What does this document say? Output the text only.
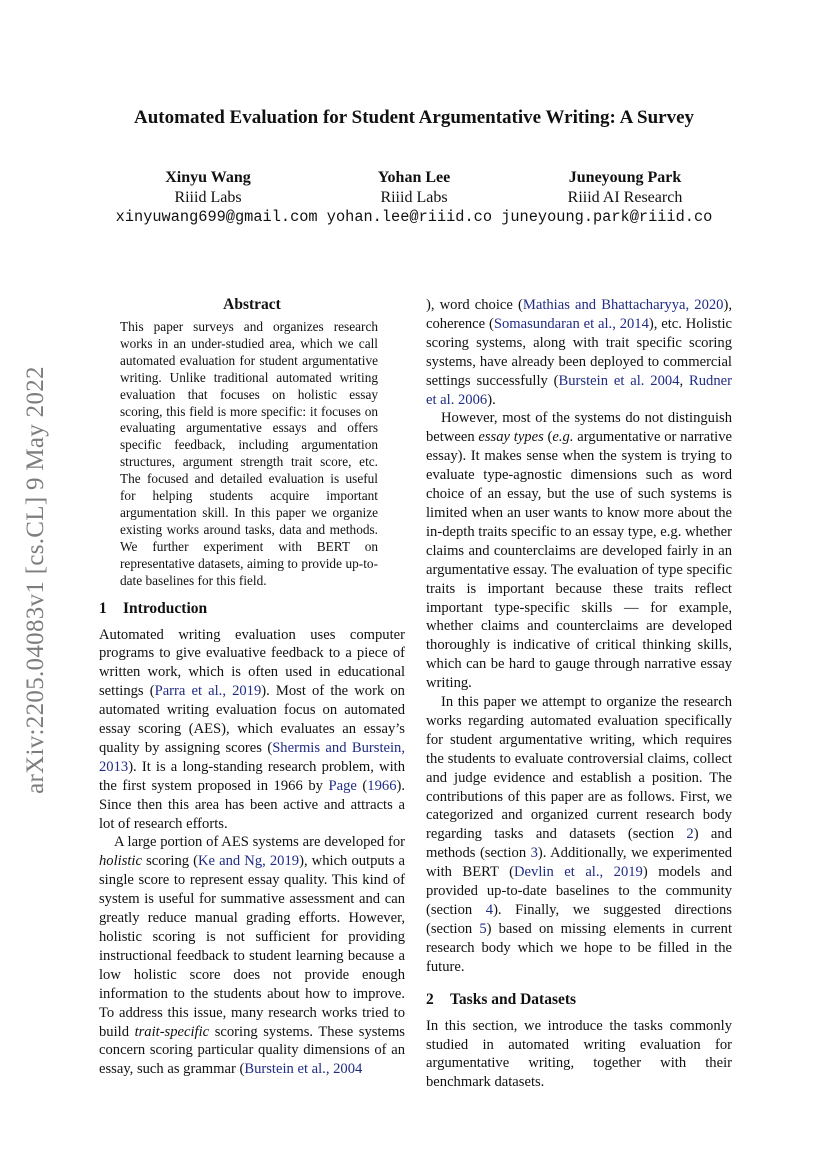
arXiv:2205.04083v1 [cs.CL] 9 May 2022
Automated Evaluation for Student Argumentative Writing: A Survey
Xinyu Wang
Riiid Labs
Yohan Lee
Riiid Labs
Juneyoung Park
Riiid AI Research
xinyuwang699@gmail.com yohan.lee@riiid.co juneyoung.park@riiid.co
Abstract

This paper surveys and organizes research works in an under-studied area, which we call automated evaluation for student argumentative writing. Unlike traditional automated writing evaluation that focuses on holistic essay scoring, this field is more specific: it focuses on evaluating argumentative essays and offers specific feedback, including argumentation structures, argument strength trait score, etc. The focused and detailed evaluation is useful for helping students acquire important argumentation skill. In this paper we organize existing works around tasks, data and methods. We further experiment with BERT on representative datasets, aiming to provide up-to-date baselines for this field.

1 Introduction

Automated writing evaluation uses computer programs to give evaluative feedback to a piece of written work, which is often used in educational settings (Parra et al., 2019). Most of the work on automated writing evaluation focus on automated essay scoring (AES), which evaluates an essay’s quality by assigning scores (Shermis and Burstein, 2013). It is a long-standing research problem, with the first system proposed in 1966 by Page (1966). Since then this area has been active and attracts a lot of research efforts.

A large portion of AES systems are developed for holistic scoring (Ke and Ng, 2019), which outputs a single score to represent essay quality. This kind of system is useful for summative assessment and can greatly reduce manual grading efforts. However, holistic scoring is not sufficient for providing instructional feedback to student learning because a low holistic score does not provide enough information to the students about how to improve. To address this issue, many research works tried to build trait-specific scoring systems. These systems concern scoring particular quality dimensions of an essay, such as grammar (Burstein et al., 2004

), word choice (Mathias and Bhattacharyya, 2020), coherence (Somasundaran et al., 2014), etc. Holistic scoring systems, along with trait specific scoring systems, have already been deployed to commercial settings successfully (Burstein et al. 2004, Rudner et al. 2006).

However, most of the systems do not distinguish between essay types (e.g. argumentative or narrative essay). It makes sense when the system is trying to evaluate type-agnostic dimensions such as word choice of an essay, but the use of such systems is limited when an user wants to know more about the in-depth traits specific to an essay type, e.g. whether claims and counterclaims are developed fairly in an argumentative essay. The evaluation of type specific traits is important because these traits reflect important type-specific skills — for example, whether claims and counterclaims are developed thoroughly is indicative of critical thinking skills, which can be hard to gauge through narrative essay writing.

In this paper we attempt to organize the research works regarding automated evaluation specifically for student argumentative writing, which requires the students to evaluate controversial claims, collect and judge evidence and establish a position. The contributions of this paper are as follows. First, we categorized and organized current research body regarding tasks and datasets (section 2) and methods (section 3). Additionally, we experimented with BERT (Devlin et al., 2019) models and provided up-to-date baselines to the community (section 4). Finally, we suggested directions (section 5) based on missing elements in current research body which we hope to be filled in the future.

2 Tasks and Datasets

In this section, we introduce the tasks commonly studied in automated writing evaluation for argumentative writing, together with their benchmark datasets.
